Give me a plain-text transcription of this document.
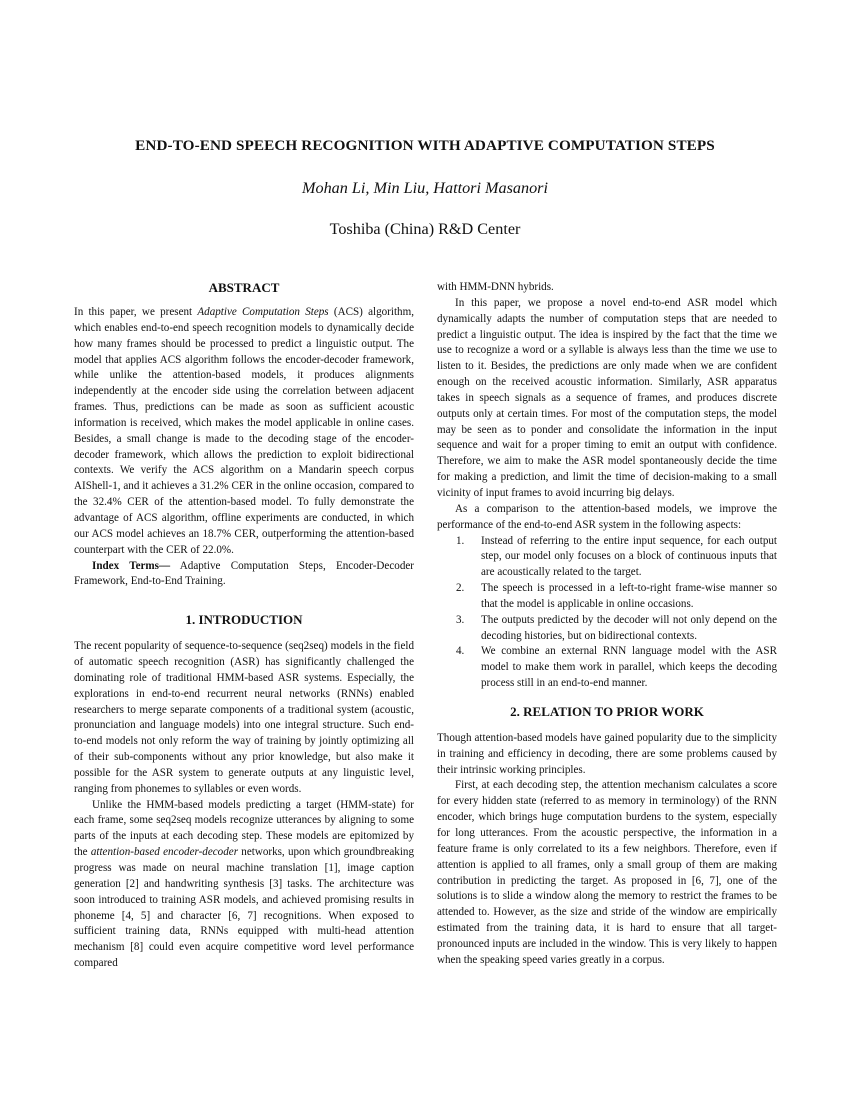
END-TO-END SPEECH RECOGNITION WITH ADAPTIVE COMPUTATION STEPS
Mohan Li, Min Liu, Hattori Masanori
Toshiba (China) R&D Center
ABSTRACT

In this paper, we present Adaptive Computation Steps (ACS) algorithm, which enables end-to-end speech recognition models to dynamically decide how many frames should be processed to predict a linguistic output. The model that applies ACS algorithm follows the encoder-decoder framework, while unlike the attention-based models, it produces alignments independently at the encoder side using the correlation between adjacent frames. Thus, predictions can be made as soon as sufficient acoustic information is received, which makes the model applicable in online cases. Besides, a small change is made to the decoding stage of the encoder-decoder framework, which allows the prediction to exploit bidirectional contexts. We verify the ACS algorithm on a Mandarin speech corpus AIShell-1, and it achieves a 31.2% CER in the online occasion, compared to the 32.4% CER of the attention-based model. To fully demonstrate the advantage of ACS algorithm, offline experiments are conducted, in which our ACS model achieves an 18.7% CER, outperforming the attention-based counterpart with the CER of 22.0%.

Index Terms— Adaptive Computation Steps, Encoder-Decoder Framework, End-to-End Training.

1. INTRODUCTION

The recent popularity of sequence-to-sequence (seq2seq) models in the field of automatic speech recognition (ASR) has significantly challenged the dominating role of traditional HMM-based ASR systems. Especially, the explorations in end-to-end recurrent neural networks (RNNs) enabled researchers to merge separate components of a traditional system (acoustic, pronunciation and language models) into one integral structure. Such end-to-end models not only reform the way of training by jointly optimizing all of their sub-components without any prior knowledge, but also make it possible for the ASR system to generate outputs at any linguistic level, ranging from phonemes to syllables or even words.

Unlike the HMM-based models predicting a target (HMM-state) for each frame, some seq2seq models recognize utterances by aligning to some parts of the inputs at each decoding step. These models are epitomized by the attention-based encoder-decoder networks, upon which groundbreaking progress was made on neural machine translation [1], image caption generation [2] and handwriting synthesis [3] tasks. The architecture was soon introduced to training ASR models, and achieved promising results in phoneme [4, 5] and character [6, 7] recognitions. When exposed to sufficient training data, RNNs equipped with multi-head attention mechanism [8] could even acquire competitive word level performance compared

with HMM-DNN hybrids.

In this paper, we propose a novel end-to-end ASR model which dynamically adapts the number of computation steps that are needed to predict a linguistic output. The idea is inspired by the fact that the time we use to recognize a word or a syllable is always less than the time we use to listen to it. Besides, the predictions are only made when we are confident enough on the received acoustic information. Similarly, ASR apparatus takes in speech signals as a sequence of frames, and produces discrete outputs only at certain times. For most of the computation steps, the model may be seen as to ponder and consolidate the information in the input sequence and wait for a proper timing to emit an output with confidence. Therefore, we aim to make the ASR model spontaneously decide the time for making a prediction, and limit the time of decision-making to a small vicinity of input frames to avoid incurring big delays.

As a comparison to the attention-based models, we improve the performance of the end-to-end ASR system in the following aspects:

1. Instead of referring to the entire input sequence, for each output step, our model only focuses on a block of continuous inputs that are acoustically related to the target.
2. The speech is processed in a left-to-right frame-wise manner so that the model is applicable in online occasions.
3. The outputs predicted by the decoder will not only depend on the decoding histories, but on bidirectional contexts.
4. We combine an external RNN language model with the ASR model to make them work in parallel, which keeps the decoding process still in an end-to-end manner.
2. RELATION TO PRIOR WORK

Though attention-based models have gained popularity due to the simplicity in training and efficiency in decoding, there are some problems caused by their intrinsic working principles.

First, at each decoding step, the attention mechanism calculates a score for every hidden state (referred to as memory in terminology) of the RNN encoder, which brings huge computation burdens to the system, especially for long utterances. From the acoustic perspective, the information in a feature frame is only correlated to its a few neighbors. Therefore, even if attention is applied to all frames, only a small group of them are making contribution in predicting the target. As proposed in [6, 7], one of the solutions is to slide a window along the memory to restrict the frames to be attended to. However, as the size and stride of the window are empirically estimated from the training data, it is hard to ensure that all target-pronounced inputs are included in the window. This is very likely to happen when the speaking speed varies greatly in a corpus.
